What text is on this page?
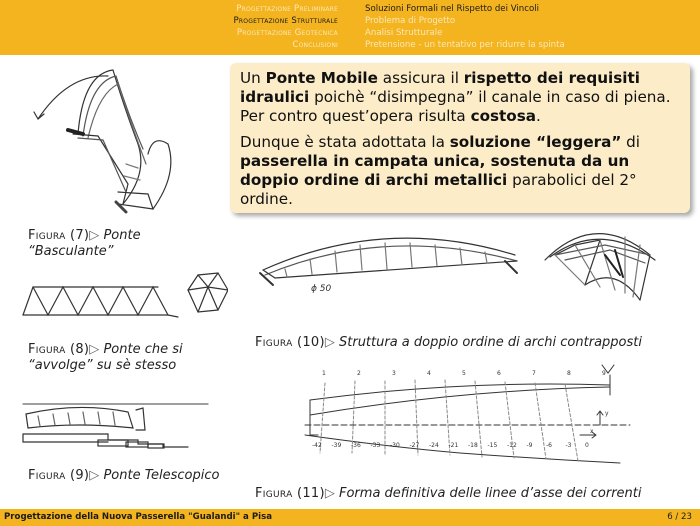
Progettazione Preliminare
Progettazione Strutturale
Progettazione Geotecnica
Conclusioni
Soluzioni Formali nel Rispetto dei Vincoli
Problema di Progetto
Analisi Strutturale
Pretensione - un tentativo per ridurre la spinta

Un Ponte Mobile assicura il rispetto dei requisiti idraulici poichè “disimpegna” il canale in caso di piena. Per contro quest’opera risulta costosa.

Dunque è stata adottata la soluzione “leggera” di passerella in campata unica, sostenuta da un doppio ordine di archi metallici parabolici del 2° ordine.

Figura (7)▷ Ponte “Basculante”
Figura (8)▷ Ponte che si “avvolge” su sè stesso
Figura (9)▷ Ponte Telescopico
ϕ 50
Figura (10)▷ Struttura a doppio ordine di archi contrapposti
1	2	3	4	5	6	7	8	9
-42 -39 -36 -33 -30 -27 -24 -21 -18 -15 -12 -9 -6 -3 0
x
y
Figura (11)▷ Forma definitiva delle linee d’asse dei correnti
Progettazione della Nuova Passerella "Gualandi" a Pisa	6 / 23
